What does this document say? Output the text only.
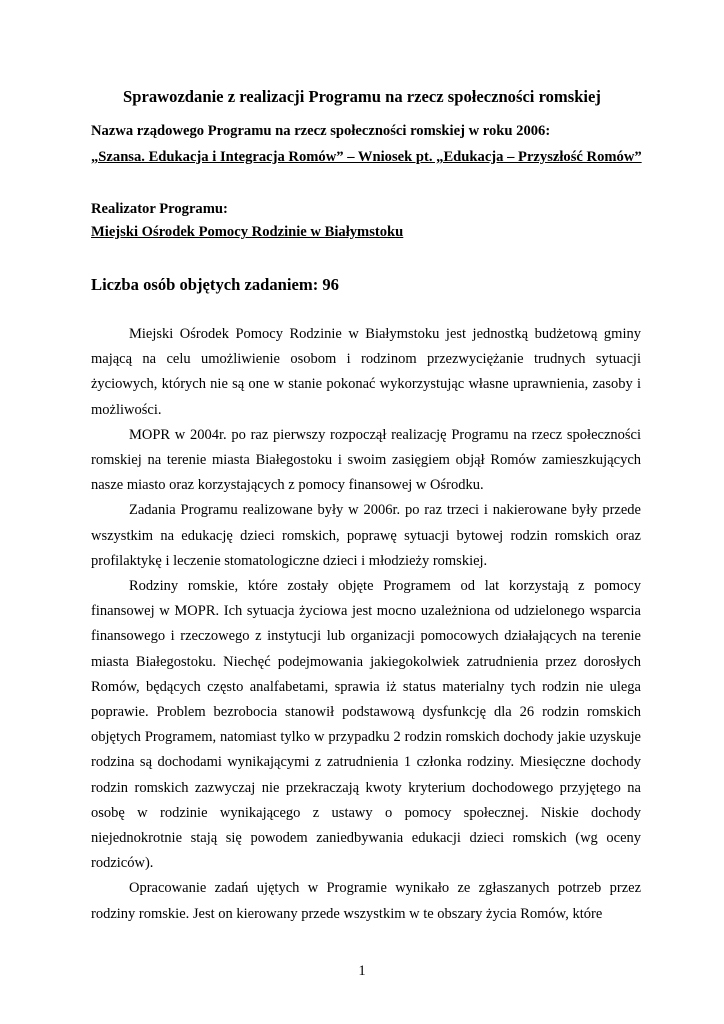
Sprawozdanie z realizacji Programu na rzecz społeczności romskiej
Nazwa rządowego Programu na rzecz społeczności romskiej w roku 2006:
„Szansa. Edukacja i Integracja Romów” – Wniosek pt. „Edukacja – Przyszłość Romów”
Realizator Programu:
Miejski Ośrodek Pomocy Rodzinie w Białymstoku
Liczba osób objętych zadaniem: 96

Miejski Ośrodek Pomocy Rodzinie w Białymstoku jest jednostką budżetową gminy mającą na celu umożliwienie osobom i rodzinom przezwyciężanie trudnych sytuacji życiowych, których nie są one w stanie pokonać wykorzystując własne uprawnienia, zasoby i możliwości.

MOPR w 2004r. po raz pierwszy rozpoczął realizację Programu na rzecz społeczności romskiej na terenie miasta Białegostoku i swoim zasięgiem objął Romów zamieszkujących nasze miasto oraz korzystających z pomocy finansowej w Ośrodku.

Zadania Programu realizowane były w 2006r. po raz trzeci i nakierowane były przede wszystkim na edukację dzieci romskich, poprawę sytuacji bytowej rodzin romskich oraz profilaktykę i leczenie stomatologiczne dzieci i młodzieży romskiej.

Rodziny romskie, które zostały objęte Programem od lat korzystają z pomocy finansowej w MOPR. Ich sytuacja życiowa jest mocno uzależniona od udzielonego wsparcia finansowego i rzeczowego z instytucji lub organizacji pomocowych działających na terenie miasta Białegostoku. Niechęć podejmowania jakiegokolwiek zatrudnienia przez dorosłych Romów, będących często analfabetami, sprawia iż status materialny tych rodzin nie ulega poprawie. Problem bezrobocia stanowił podstawową dysfunkcję dla 26 rodzin romskich objętych Programem, natomiast tylko w przypadku 2 rodzin romskich dochody jakie uzyskuje rodzina są dochodami wynikającymi z zatrudnienia 1 członka rodziny. Miesięczne dochody rodzin romskich zazwyczaj nie przekraczają kwoty kryterium dochodowego przyjętego na osobę w rodzinie wynikającego z ustawy o pomocy społecznej. Niskie dochody niejednokrotnie stają się powodem zaniedbywania edukacji dzieci romskich (wg oceny rodziców).

Opracowanie zadań ujętych w Programie wynikało ze zgłaszanych potrzeb przez rodziny romskie. Jest on kierowany przede wszystkim w te obszary życia Romów, które

1
